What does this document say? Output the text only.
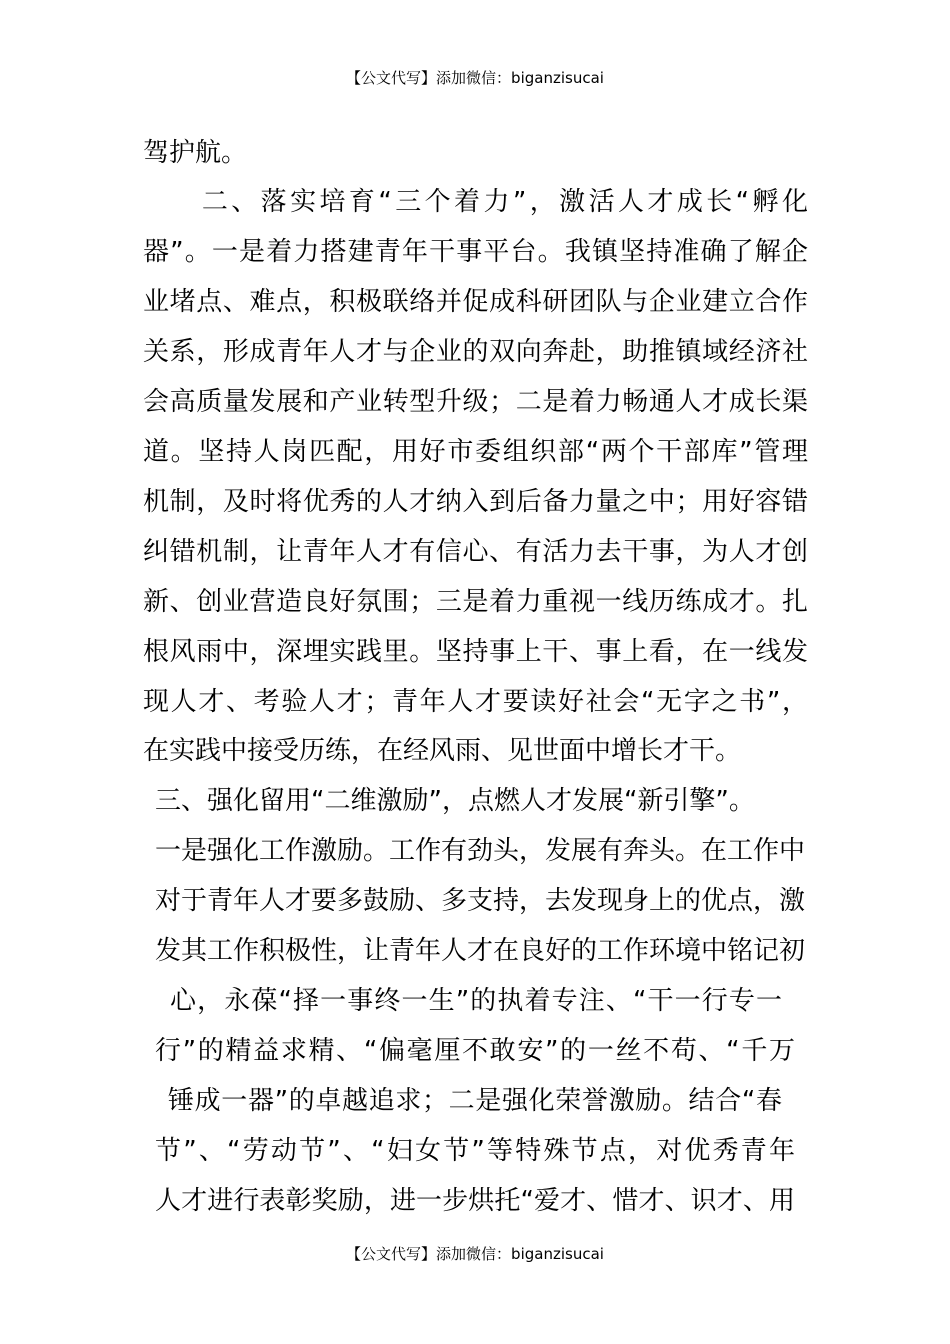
【公文代写】添加微信：biganzisucai
驾护航。
　　二、落实培育“三个着力”，激活人才成长“孵化
器”。一是着力搭建青年干事平台。我镇坚持准确了解企
业堵点、难点，积极联络并促成科研团队与企业建立合作
关系，形成青年人才与企业的双向奔赴，助推镇域经济社
会高质量发展和产业转型升级；二是着力畅通人才成长渠
道。坚持人岗匹配，用好市委组织部“两个干部库”管理
机制，及时将优秀的人才纳入到后备力量之中；用好容错
纠错机制，让青年人才有信心、有活力去干事，为人才创
新、创业营造良好氛围；三是着力重视一线历练成才。扎
根风雨中，深埋实践里。坚持事上干、事上看，在一线发
现人才、考验人才；青年人才要读好社会“无字之书”，
在实践中接受历练，在经风雨、见世面中增长才干。
三、强化留用“二维激励”，点燃人才发展“新引擎”。
一是强化工作激励。工作有劲头，发展有奔头。在工作中
对于青年人才要多鼓励、多支持，去发现身上的优点，激
发其工作积极性，让青年人才在良好的工作环境中铭记初
心，永葆“择一事终一生”的执着专注、“干一行专一
行”的精益求精、“偏毫厘不敢安”的一丝不苟、“千万
锤成一器”的卓越追求；二是强化荣誉激励。结合“春
节”、“劳动节”、“妇女节”等特殊节点，对优秀青年
人才进行表彰奖励，进一步烘托“爱才、惜才、识才、用
【公文代写】添加微信：biganzisucai
